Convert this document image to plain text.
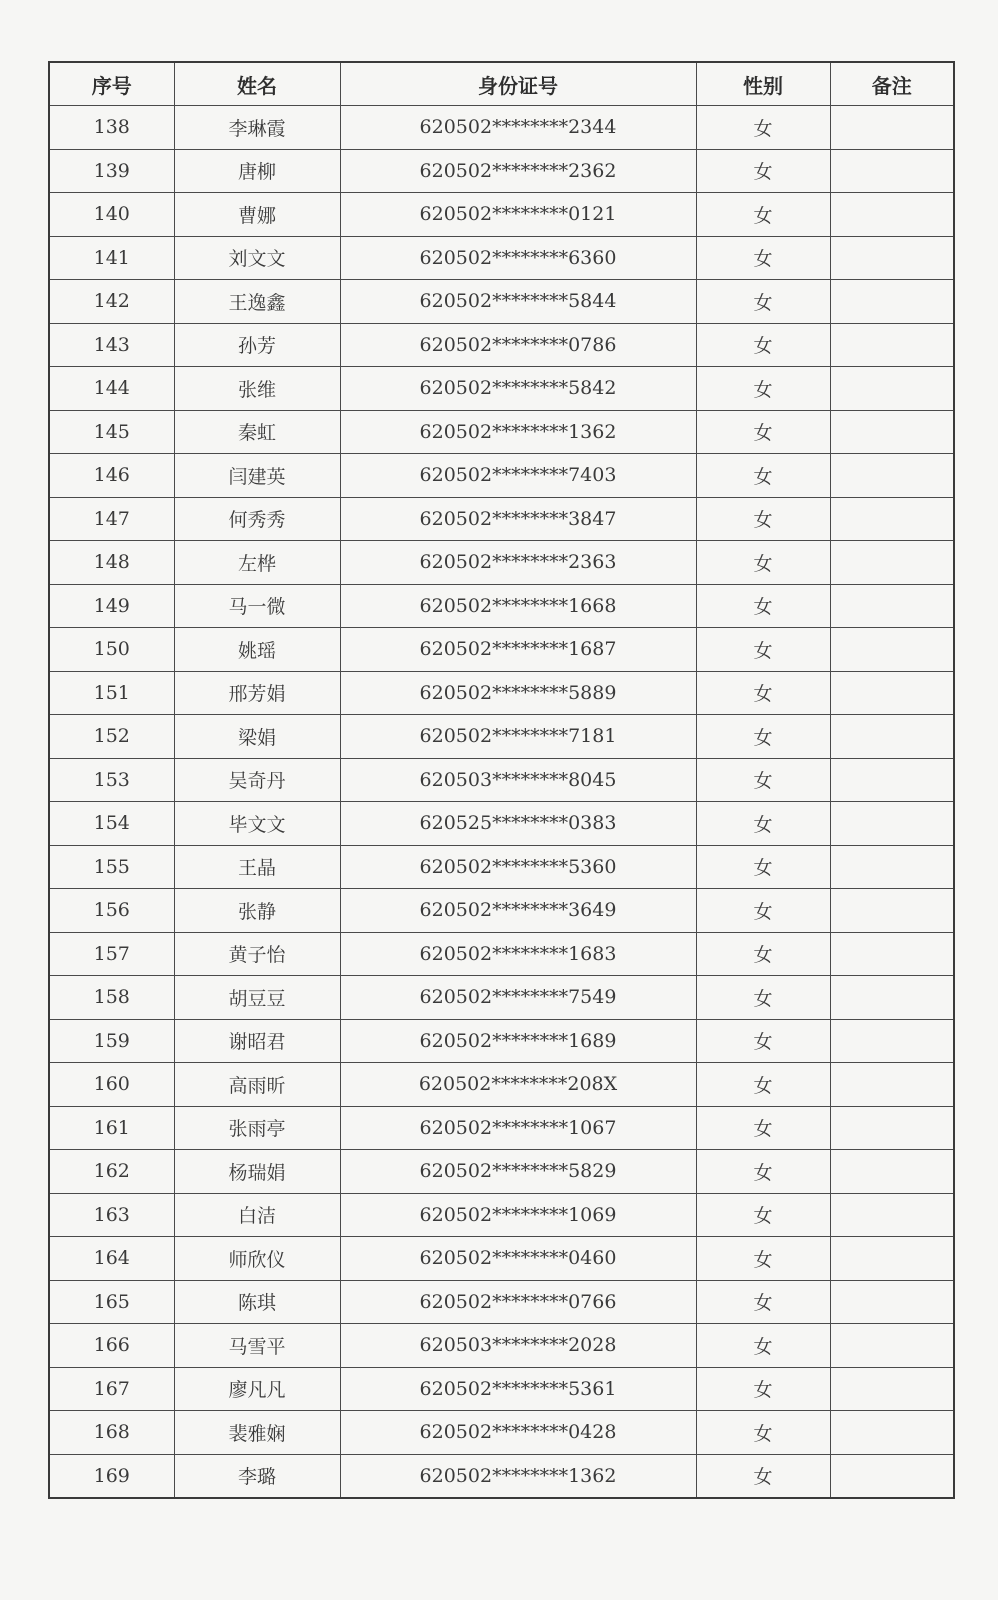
序号	姓名	身份证号	性别	备注
138	李琳霞	620502********2344	女	
139	唐柳	620502********2362	女	
140	曹娜	620502********0121	女	
141	刘文文	620502********6360	女	
142	王逸鑫	620502********5844	女	
143	孙芳	620502********0786	女	
144	张维	620502********5842	女	
145	秦虹	620502********1362	女	
146	闫建英	620502********7403	女	
147	何秀秀	620502********3847	女	
148	左桦	620502********2363	女	
149	马一微	620502********1668	女	
150	姚瑶	620502********1687	女	
151	邢芳娟	620502********5889	女	
152	梁娟	620502********7181	女	
153	吴奇丹	620503********8045	女	
154	毕文文	620525********0383	女	
155	王晶	620502********5360	女	
156	张静	620502********3649	女	
157	黄子怡	620502********1683	女	
158	胡豆豆	620502********7549	女	
159	谢昭君	620502********1689	女	
160	高雨昕	620502********208X	女	
161	张雨亭	620502********1067	女	
162	杨瑞娟	620502********5829	女	
163	白洁	620502********1069	女	
164	师欣仪	620502********0460	女	
165	陈琪	620502********0766	女	
166	马雪平	620503********2028	女	
167	廖凡凡	620502********5361	女	
168	裴雅娴	620502********0428	女	
169	李璐	620502********1362	女	
